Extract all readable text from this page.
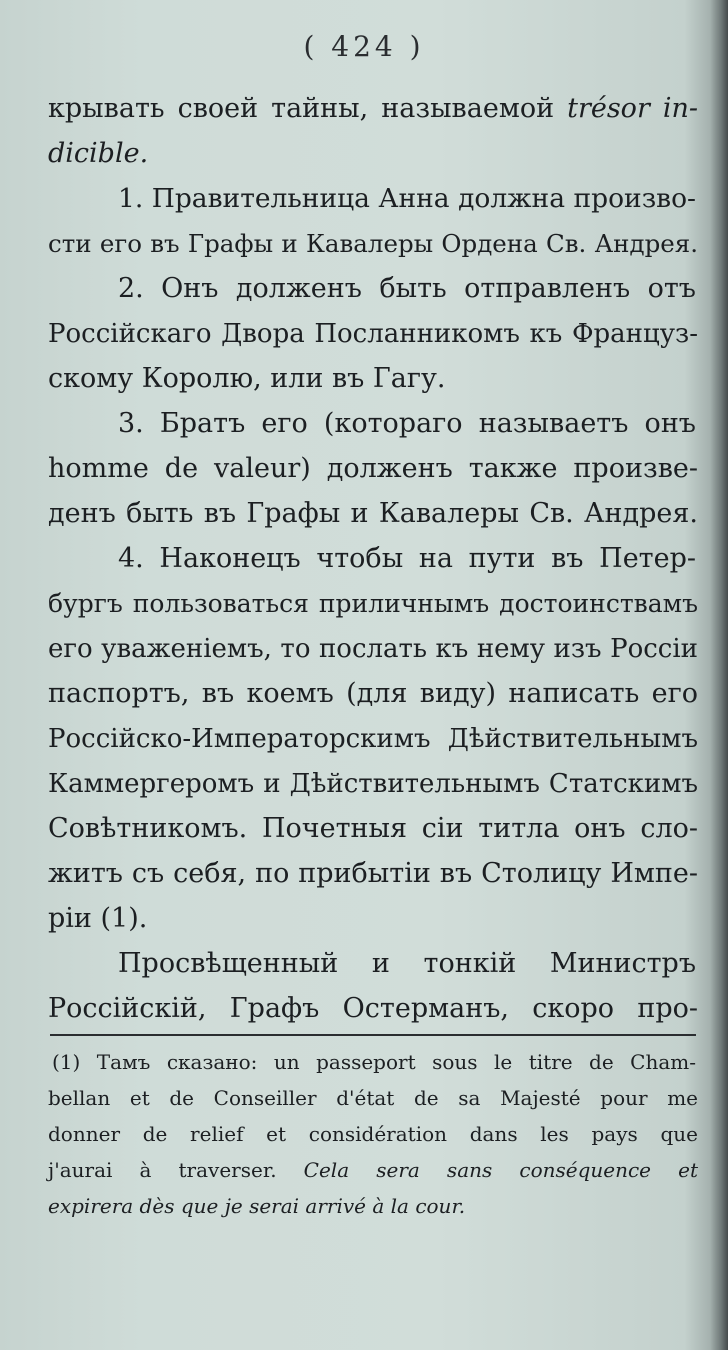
( 424 )
крывать своей тайны, называемой trésor in-
dicible.
1. Правительница Анна должна произво-
сти его въ Графы и Кавалеры Ордена Св. Андрея.
2. Онъ долженъ быть отправленъ отъ
Россійскаго Двора Посланникомъ къ Француз-
скому Королю, или въ Гагу.
3. Братъ его (котораго называетъ онъ
homme de valeur) долженъ также произве-
денъ быть въ Графы и Кавалеры Св. Андрея.
4. Наконецъ чтобы на пути въ Петер-
бургъ пользоваться приличнымъ достоинствамъ
его уваженіемъ, то послать къ нему изъ Россіи
паспортъ, въ коемъ (для виду) написать его
Россійско-Императорскимъ Дѣйствительнымъ
Каммергеромъ и Дѣйствительнымъ Статскимъ
Совѣтникомъ. Почетныя сіи титла онъ сло-
житъ съ себя, по прибытіи въ Столицу Импе-
ріи (1).
Просвѣщенный и тонкій Министръ
Россійскій, Графъ Остерманъ, скоро про-
(1) Тамъ сказано: un passeport sous le titre de Cham-
bellan et de Conseiller d'état de sa Majesté pour me
donner de relief et considération dans les pays que
j'aurai à traverser. Cela sera sans conséquence et
expirera dès que je serai arrivé à la cour.
